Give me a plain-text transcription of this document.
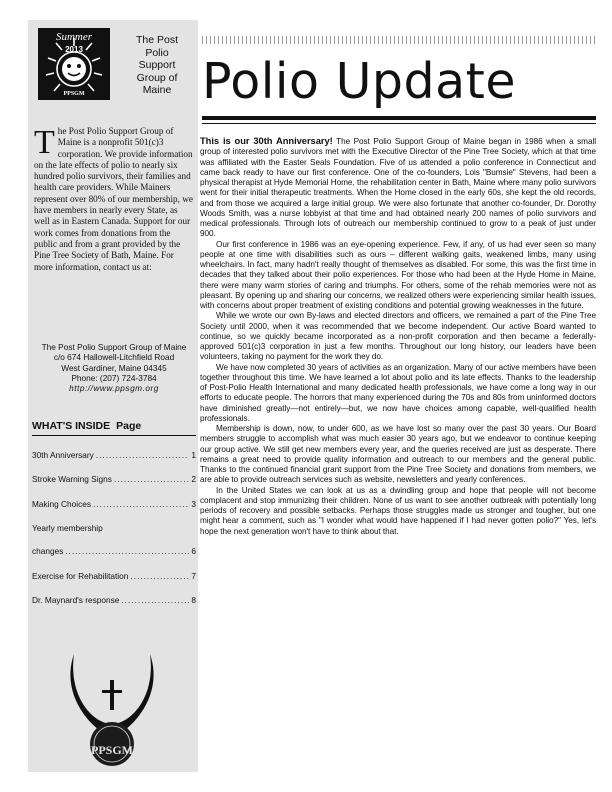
Summer
2013
PPSGM
The Post
Polio
Support
Group of
Maine
The Post Polio Support Group of Maine is a nonprofit 501(c)3 corporation. We provide information on the late effects of polio to nearly six hundred polio survivors, their families and health care providers. While Mainers represent over 80% of our membership, we have members in nearly every State, as well as in Eastern Canada. Support for our work comes from donations from the public and from a grant provided by the Pine Tree Society of Bath, Maine. For more information, contact us at:
The Post Polio Support Group of Maine
c/o 674 Hallowell-Litchfield Road
West Gardiner, Maine 04345
Phone: (207) 724-3784
http://www.ppsgm.org
WHAT'S INSIDE Page
30th Anniversary .....	1
Stroke Warning Signs .....	2
Making Choices .....	3
Yearly membership
changes .....	6
Exercise for Rehabilitation .....	7
Dr. Maynard's response .....	8
PPSGM
Polio Update

This is our 30th Anniversary! The Post Polio Support Group of Maine began in 1986 when a small group of interested polio survivors met with the Executive Director of the Pine Tree Society, which at that time was affiliated with the Easter Seals Foundation. Five of us attended a polio conference in Connecticut and came back ready to have our first conference. One of the co-founders, Lois "Bumsie" Stevens, had been a physical therapist at Hyde Memorial Home, the rehabilitation center in Bath, Maine where many polio survivors went for their initial therapeutic treatments. When the Home closed in the early 60s, she kept the old records, and from those we acquired a large initial group. We were also fortunate that another co-founder, Dr. Dorothy Woods Smith, was a nurse lobbyist at that time and had obtained nearly 200 names of polio survivors and medical professionals. Through lots of outreach our membership continued to grow to a peak of just under 900.

Our first conference in 1986 was an eye-opening experience. Few, if any, of us had ever seen so many people at one time with disabilities such as ours – different walking gaits, weakened limbs, many using wheelchairs. In fact, many hadn't really thought of themselves as disabled. For some, this was the first time in decades that they talked about their polio experiences. For those who had been at the Hyde Home in Maine, there were many warm stories of caring and triumphs. For others, some of the rehab memories were not as pleasant. By opening up and sharing our concerns, we realized others were experiencing similar health issues, with concerns about proper treatment of existing conditions and potential growing weaknesses in the future.

While we wrote our own By-laws and elected directors and officers, we remained a part of the Pine Tree Society until 2000, when it was recommended that we become independent. Our active Board wanted to continue, so we quickly became incorporated as a non-profit corporation and then became a federally-approved 501(c)3 corporation in just a few months. Throughout our long history, our leaders have been volunteers, taking no payment for the work they do.

We have now completed 30 years of activities as an organization. Many of our active members have been together throughout this time. We have learned a lot about polio and its late effects. Thanks to the leadership of Post-Polio Health International and many dedicated health professionals, we have come a long way in our efforts to educate people. The horrors that many experienced during the 70s and 80s from uninformed doctors have diminished greatly—not entirely—but, we now have choices among capable, well-qualified health professionals.

Membership is down, now, to under 600, as we have lost so many over the past 30 years. Our Board members struggle to accomplish what was much easier 30 years ago, but we endeavor to continue keeping our group active. We still get new members every year, and the queries received are just as desperate. There remains a great need to provide quality information and outreach to our members and the general public. Thanks to the continued financial grant support from the Pine Tree Society and donations from members, we are able to provide outreach services such as website, newsletters and yearly conferences.

In the United States we can look at us as a dwindling group and hope that people will not become complacent and stop immunizing their children. None of us want to see another outbreak with potentially long periods of recovery and possible setbacks. Perhaps those struggles made us stronger and tougher, but one might hear a comment, such as "I wonder what would have happened if I had never gotten polio?" Yes, let's hope the next generation won't have to think about that.
